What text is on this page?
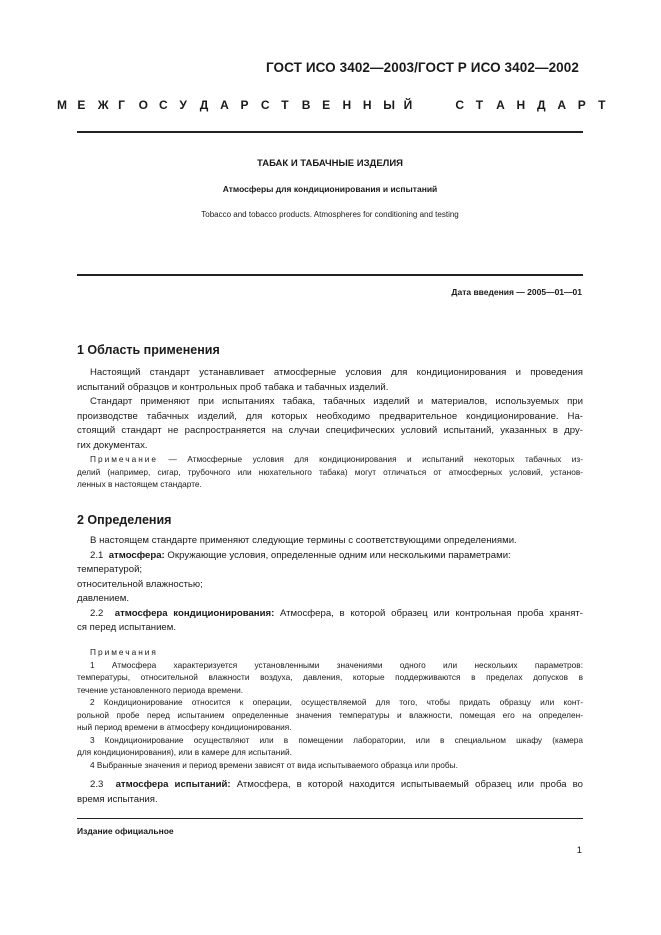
ГОСТ ИСО 3402—2003/ГОСТ Р ИСО 3402—2002
М Е Ж Г О С У Д А Р С Т В Е Н Н Ы Й	С Т А Н Д А Р Т
ТАБАК И ТАБАЧНЫЕ ИЗДЕЛИЯ
Атмосферы для кондиционирования и испытаний
Tobacco and tobacco products. Atmospheres for conditioning and testing
Дата введения — 2005—01—01
1 Область применения
Настоящий стандарт устанавливает атмосферные условия для кондиционирования и проведения
испытаний образцов и контрольных проб табака и табачных изделий.
Стандарт применяют при испытаниях табака, табачных изделий и материалов, используемых при
производстве табачных изделий, для которых необходимо предварительное кондиционирование. На-
стоящий стандарт не распространяется на случаи специфических условий испытаний, указанных в дру-
гих документах.
Примечание — Атмосферные условия для кондиционирования и испытаний некоторых табачных из-
делий (например, сигар, трубочного или нюхательного табака) могут отличаться от атмосферных условий, установ-
ленных в настоящем стандарте.
2 Определения
В настоящем стандарте применяют следующие термины с соответствующими определениями.
2.1 атмосфера: Окружающие условия, определенные одним или несколькими параметрами:
температурой;
относительной влажностью;
давлением.
2.2 атмосфера кондиционирования: Атмосфера, в которой образец или контрольная проба хранят-
ся перед испытанием.
Примечания
1 Атмосфера характеризуется установленными значениями одного или нескольких параметров:
температуры, относительной влажности воздуха, давления, которые поддерживаются в пределах допусков в
течение установленного периода времени.
2 Кондиционирование относится к операции, осуществляемой для того, чтобы придать образцу или конт-
рольной пробе перед испытанием определенные значения температуры и влажности, помещая его на определен-
ный период времени в атмосферу кондиционирования.
3 Кондиционирование осуществляют или в помещении лаборатории, или в специальном шкафу (камера
для кондиционирования), или в камере для испытаний.
4 Выбранные значения и период времени зависят от вида испытываемого образца или пробы.
2.3 атмосфера испытаний: Атмосфера, в которой находится испытываемый образец или проба во
время испытания.
Издание официальное
1
